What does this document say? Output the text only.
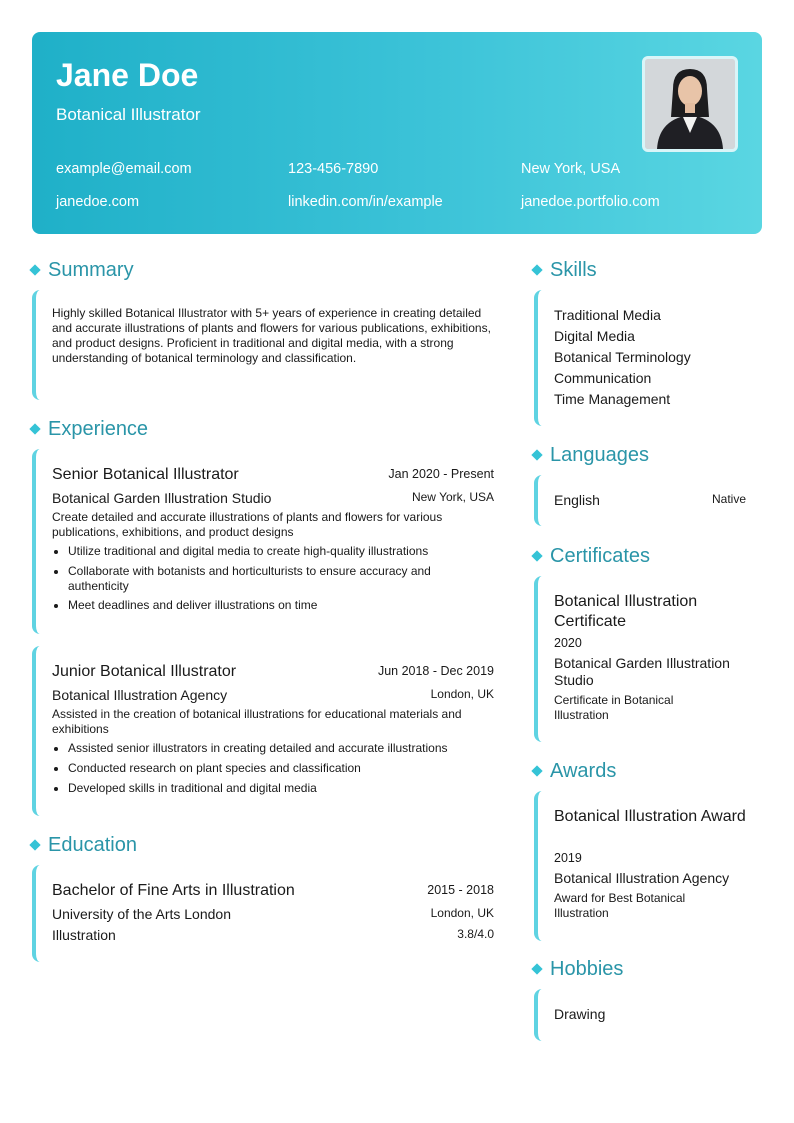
Jane Doe
Botanical Illustrator
example@email.com	123-456-7890	New York, USA
janedoe.com	linkedin.com/in/example	janedoe.portfolio.com
Summary
Highly skilled Botanical Illustrator with 5+ years of experience in creating detailed and accurate illustrations of plants and flowers for various publications, exhibitions, and product designs. Proficient in traditional and digital media, with a strong understanding of botanical terminology and classification.
Experience
Senior Botanical Illustrator	Jan 2020 - Present
Botanical Garden Illustration Studio	New York, USA
Create detailed and accurate illustrations of plants and flowers for various publications, exhibitions, and product designs
Utilize traditional and digital media to create high-quality illustrations
Collaborate with botanists and horticulturists to ensure accuracy and authenticity
Meet deadlines and deliver illustrations on time
Junior Botanical Illustrator	Jun 2018 - Dec 2019
Botanical Illustration Agency	London, UK
Assisted in the creation of botanical illustrations for educational materials and exhibitions
Assisted senior illustrators in creating detailed and accurate illustrations
Conducted research on plant species and classification
Developed skills in traditional and digital media
Education
Bachelor of Fine Arts in Illustration	2015 - 2018
University of the Arts London	London, UK
Illustration	3.8/4.0
Skills
Traditional Media
Digital Media
Botanical Terminology
Communication
Time Management
Languages
English	Native
Certificates
Botanical Illustration Certificate
2020
Botanical Garden Illustration Studio
Certificate in Botanical Illustration
Awards
Botanical Illustration Award
2019
Botanical Illustration Agency
Award for Best Botanical Illustration
Hobbies
Drawing
